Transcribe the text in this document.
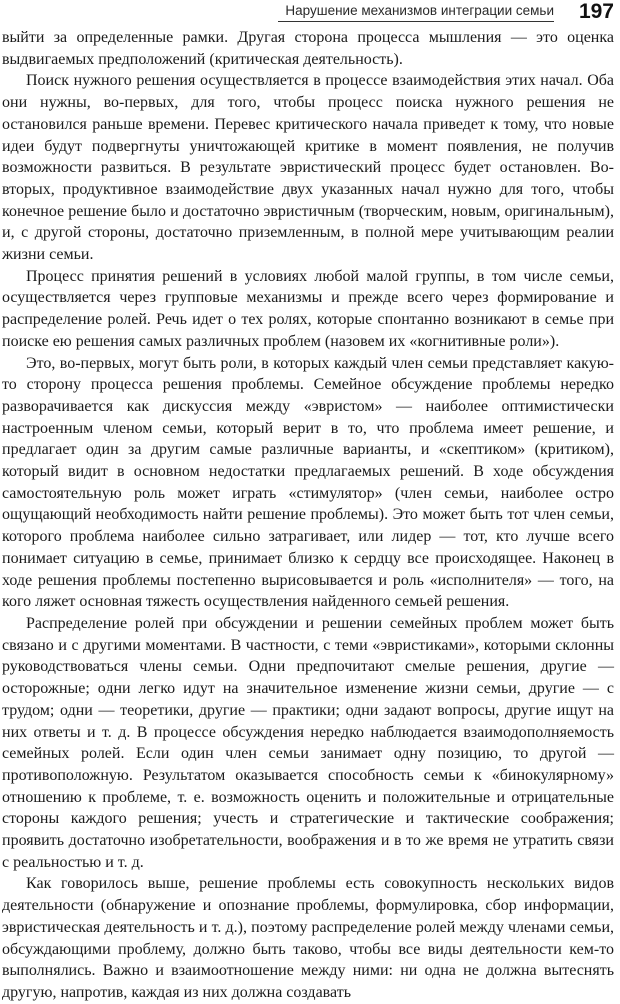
Нарушение механизмов интеграции семьи 197

выйти за определенные рамки. Другая сторона процесса мышления — это оценка выдвигаемых предположений (критическая деятельность).

Поиск нужного решения осуществляется в процессе взаимодействия этих начал. Оба они нужны, во-первых, для того, чтобы процесс поиска нужного решения не остановился раньше времени. Перевес критического начала приведет к тому, что новые идеи будут подвергнуты уничтожающей критике в момент появления, не получив возможности развиться. В результате эвристический процесс будет остановлен. Во-вторых, продуктивное взаимодействие двух указанных начал нужно для того, чтобы конечное решение было и достаточно эвристичным (творческим, новым, оригинальным), и, с другой стороны, достаточно приземленным, в полной мере учитывающим реалии жизни семьи.

Процесс принятия решений в условиях любой малой группы, в том числе семьи, осуществляется через групповые механизмы и прежде всего через формирование и распределение ролей. Речь идет о тех ролях, которые спонтанно возникают в семье при поиске ею решения самых различных проблем (назовем их «когнитивные роли»).

Это, во-первых, могут быть роли, в которых каждый член семьи представляет какую-то сторону процесса решения проблемы. Семейное обсуждение проблемы нередко разворачивается как дискуссия между «эвристом» — наиболее оптимистически настроенным членом семьи, который верит в то, что проблема имеет решение, и предлагает один за другим самые различные варианты, и «скептиком» (критиком), который видит в основном недостатки предлагаемых решений. В ходе обсуждения самостоятельную роль может играть «стимулятор» (член семьи, наиболее остро ощущающий необходимость найти решение проблемы). Это может быть тот член семьи, которого проблема наиболее сильно затрагивает, или лидер — тот, кто лучше всего понимает ситуацию в семье, принимает близко к сердцу все происходящее. Наконец в ходе решения проблемы постепенно вырисовывается и роль «исполнителя» — того, на кого ляжет основная тяжесть осуществления найденного семьей решения.

Распределение ролей при обсуждении и решении семейных проблем может быть связано и с другими моментами. В частности, с теми «эвристиками», которыми склонны руководствоваться члены семьи. Одни предпочитают смелые решения, другие — осторожные; одни легко идут на значительное изменение жизни семьи, другие — с трудом; одни — теоретики, другие — практики; одни задают вопросы, другие ищут на них ответы и т. д. В процессе обсуждения нередко наблюдается взаимодополняемость семейных ролей. Если один член семьи занимает одну позицию, то другой — противоположную. Результатом оказывается способность семьи к «бинокулярному» отношению к проблеме, т. е. возможность оценить и положительные и отрицательные стороны каждого решения; учесть и стратегические и тактические соображения; проявить достаточно изобретательности, воображения и в то же время не утратить связи с реальностью и т. д.

Как говорилось выше, решение проблемы есть совокупность нескольких видов деятельности (обнаружение и опознание проблемы, формулировка, сбор информации, эвристическая деятельность и т. д.), поэтому распределение ролей между членами семьи, обсуждающими проблему, должно быть таково, чтобы все виды деятельности кем-то выполнялись. Важно и взаимоотношение между ними: ни одна не должна вытеснять другую, напротив, каждая из них должна создавать
